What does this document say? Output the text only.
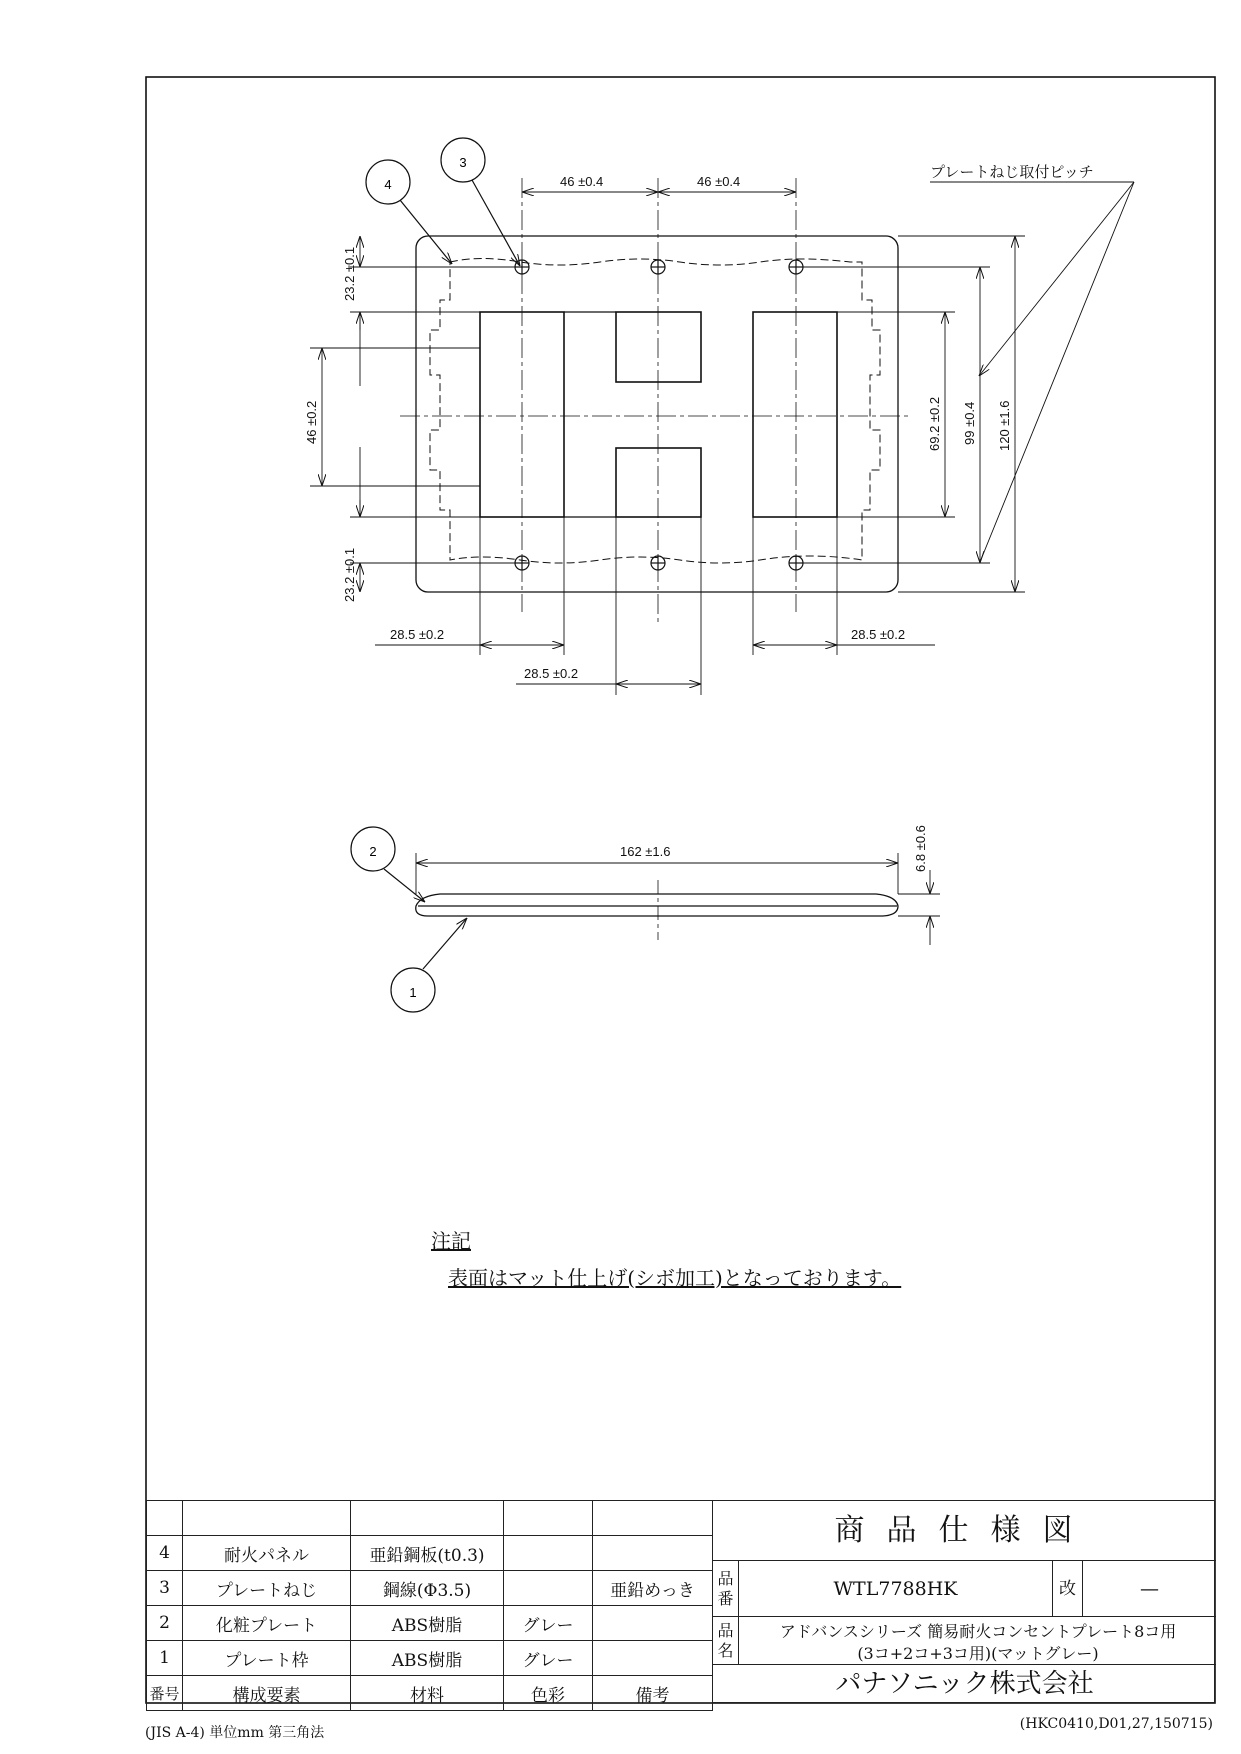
4
3
2
1
46 ±0.4	46 ±0.4
プレートねじ取付ピッチ
28.5 ±0.2
28.5 ±0.2
28.5 ±0.2
162 ±1.6
23.2 ±0.1
46 ±0.2
23.2 ±0.1
69.2 ±0.2 99 ±0.4 120 ±1.6
6.8 ±0.6
注記
表面はマット仕上げ(シボ加工)となっております。

4	耐火パネル	亜鉛鋼板(t0.3)		
3	プレートねじ	鋼線(Φ3.5)		亜鉛めっき
2	化粧プレート	ABS樹脂	グレー	
1	プレート枠	ABS樹脂	グレー	
番号	構成要素	材料	色彩	備考
商品仕様図
品番	WTL7788HK	改	—
品名
アドバンスシリーズ 簡易耐火コンセントプレート8コ用
(3コ+2コ+3コ用)(マットグレー)
パナソニック株式会社
(JIS A-4) 単位mm 第三角法
(HKC0410,D01,27,150715)
